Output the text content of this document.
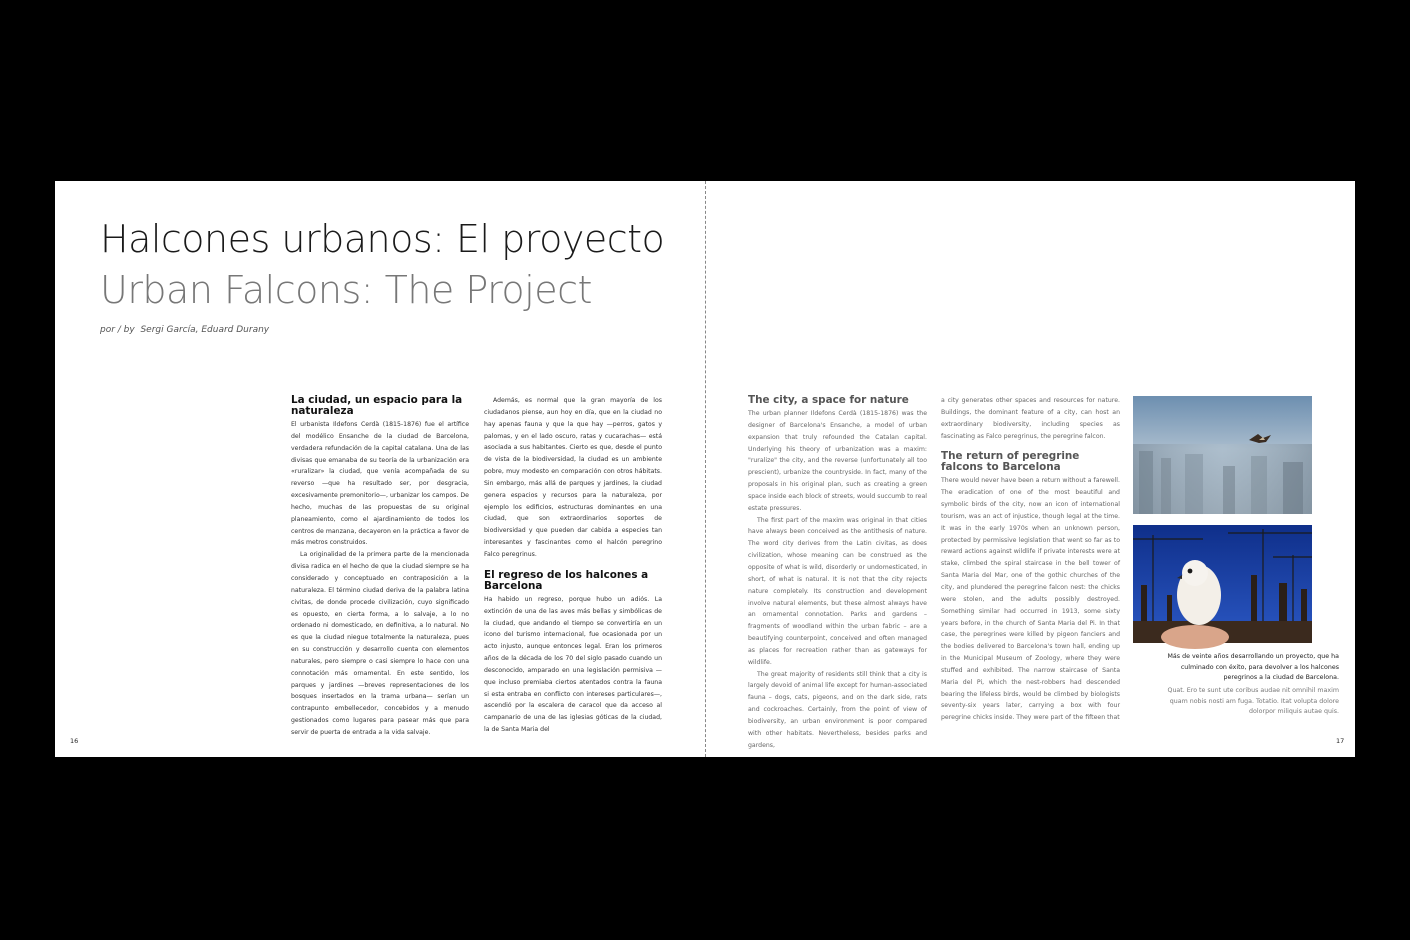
Halcones urbanos: El proyecto
Urban Falcons: The Project
por / by Sergi García, Eduard Durany
La ciudad, un espacio para la naturaleza

El urbanista Ildefons Cerdà (1815-1876) fue el artífice del modélico Ensanche de la ciudad de Barcelona, verdadera refundación de la capital catalana. Una de las divisas que emanaba de su teoría de la urbanización era «ruralizar» la ciudad, que venía acompañada de su reverso —que ha resultado ser, por desgracia, excesivamente premonitorio—, urbanizar los campos. De hecho, muchas de las propuestas de su original planeamiento, como el ajardinamiento de todos los centros de manzana, decayeron en la práctica a favor de más metros construidos.

La originalidad de la primera parte de la mencionada divisa radica en el hecho de que la ciudad siempre se ha considerado y conceptuado en contraposición a la naturaleza. El término ciudad deriva de la palabra latina civitas, de donde procede civilización, cuyo significado es opuesto, en cierta forma, a lo salvaje, a lo no ordenado ni domesticado, en definitiva, a lo natural. No es que la ciudad niegue totalmente la naturaleza, pues en su construcción y desarrollo cuenta con elementos naturales, pero siempre o casi siempre lo hace con una connotación más ornamental. En este sentido, los parques y jardines —breves representaciones de los bosques insertados en la trama urbana— serían un contrapunto embellecedor, concebidos y a menudo gestionados como lugares para pasear más que para servir de puerta de entrada a la vida salvaje.

Además, es normal que la gran mayoría de los ciudadanos piense, aun hoy en día, que en la ciudad no hay apenas fauna y que la que hay —perros, gatos y palomas, y en el lado oscuro, ratas y cucarachas— está asociada a sus habitantes. Cierto es que, desde el punto de vista de la biodiversidad, la ciudad es un ambiente pobre, muy modesto en comparación con otros hábitats. Sin embargo, más allá de parques y jardines, la ciudad genera espacios y recursos para la naturaleza, por ejemplo los edificios, estructuras dominantes en una ciudad, que son extraordinarios soportes de biodiversidad y que pueden dar cabida a especies tan interesantes y fascinantes como el halcón peregrino Falco peregrinus.

El regreso de los halcones a Barcelona

Ha habido un regreso, porque hubo un adiós. La extinción de una de las aves más bellas y simbólicas de la ciudad, que andando el tiempo se convertiría en un icono del turismo internacional, fue ocasionada por un acto injusto, aunque entonces legal. Eran los primeros años de la década de los 70 del siglo pasado cuando un desconocido, amparado en una legislación permisiva —que incluso premiaba ciertos atentados contra la fauna si esta entraba en conflicto con intereses particulares—, ascendió por la escalera de caracol que da acceso al campanario de una de las iglesias góticas de la ciudad, la de Santa Maria del

16
The city, a space for nature

The urban planner Ildefons Cerdà (1815-1876) was the designer of Barcelona's Ensanche, a model of urban expansion that truly refounded the Catalan capital. Underlying his theory of urbanization was a maxim: "ruralize" the city, and the reverse (unfortunately all too prescient), urbanize the countryside. In fact, many of the proposals in his original plan, such as creating a green space inside each block of streets, would succumb to real estate pressures.

The first part of the maxim was original in that cities have always been conceived as the antithesis of nature. The word city derives from the Latin civitas, as does civilization, whose meaning can be construed as the opposite of what is wild, disorderly or undomesticated, in short, of what is natural. It is not that the city rejects nature completely. Its construction and development involve natural elements, but these almost always have an ornamental connotation. Parks and gardens – fragments of woodland within the urban fabric – are a beautifying counterpoint, conceived and often managed as places for recreation rather than as gateways for wildlife.

The great majority of residents still think that a city is largely devoid of animal life except for human-associated fauna – dogs, cats, pigeons, and on the dark side, rats and cockroaches. Certainly, from the point of view of biodiversity, an urban environment is poor compared with other habitats. Nevertheless, besides parks and gardens,

a city generates other spaces and resources for nature. Buildings, the dominant feature of a city, can host an extraordinary biodiversity, including species as fascinating as Falco peregrinus, the peregrine falcon.

The return of peregrine falcons to Barcelona

There would never have been a return without a farewell. The eradication of one of the most beautiful and symbolic birds of the city, now an icon of international tourism, was an act of injustice, though legal at the time. It was in the early 1970s when an unknown person, protected by permissive legislation that went so far as to reward actions against wildlife if private interests were at stake, climbed the spiral staircase in the bell tower of Santa Maria del Mar, one of the gothic churches of the city, and plundered the peregrine falcon nest: the chicks were stolen, and the adults possibly destroyed. Something similar had occurred in 1913, some sixty years before, in the church of Santa Maria del Pi. In that case, the peregrines were killed by pigeon fanciers and the bodies delivered to Barcelona's town hall, ending up in the Municipal Museum of Zoology, where they were stuffed and exhibited. The narrow staircase of Santa Maria del Pi, which the nest-robbers had descended bearing the lifeless birds, would be climbed by biologists seventy-six years later, carrying a box with four peregrine chicks inside. They were part of the fifteen that

17
Más de veinte años desarrollando un proyecto, que ha culminado con éxito, para devolver a los halcones peregrinos a la ciudad de Barcelona.
Quat. Ero te sunt ute coribus audae nit omnihil maxim quam nobis nosti am fuga. Totatio. Itat volupta dolore dolorpor miliquis autae quis.
